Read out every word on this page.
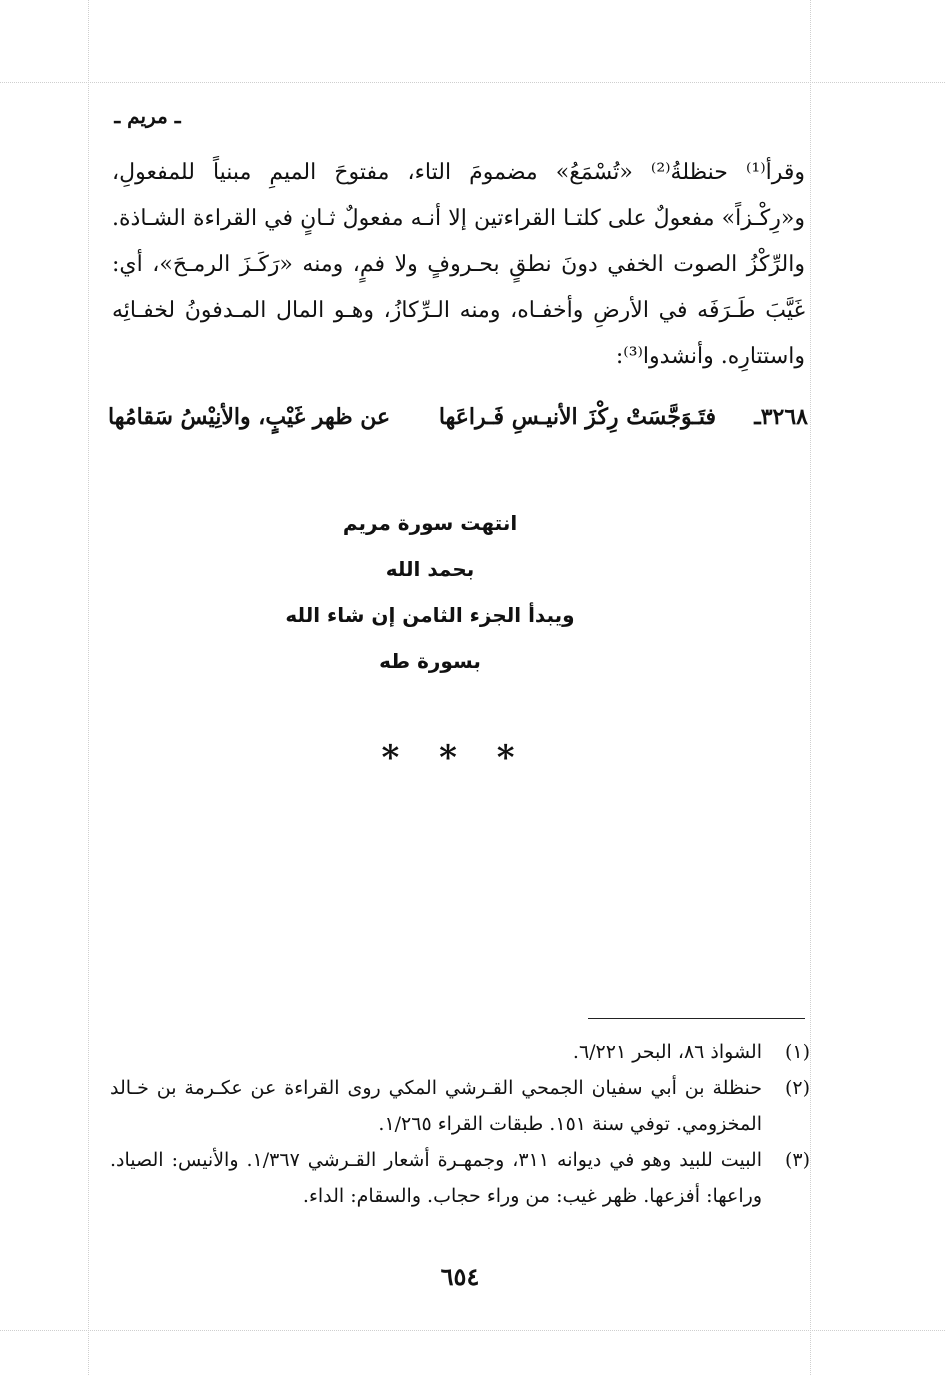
ـ مريم ـ

وقرأ⁽¹⁾ حنظلةُ⁽²⁾ «تُسْمَعُ» مضمومَ التاء، مفتوحَ الميمِ مبنياً للمفعولِ، و«رِكْـزاً» مفعولٌ على كلتـا القراءتين إلا أنـه مفعولٌ ثـانٍ في القراءة الشـاذة. والرِّكْزُ الصوت الخفي دونَ نطقٍ بحـروفٍ ولا فمٍ، ومنه «رَكَـزَ الرمـحَ»، أي: غَيَّبَ طَـرَفَه في الأرضِ وأخفـاه، ومنه الـرِّكازُ، وهـو المال المـدفونُ لخفـائِه واستتارِه. وأنشدوا⁽³⁾:

٣٢٦٨ـ
فتَـوَجَّسَتْ رِكْزَ الأنيـسِ فَـراعَها
عن ظهر غَيْبٍ، والأنِيْسُ سَقامُها
انتهت سورة مريم
بحمد الله
ويبدأ الجزء الثامن إن شاء الله
بسورة طه
* * *
(١)
الشواذ ٨٦، البحر ٦/٢٢١.
(٢)
حنظلة بن أبي سفيان الجمحي القـرشي المكي روى القراءة عن عكـرمة بن خـالد المخزومي. توفي سنة ١٥١. طبقات القراء ١/٢٦٥.
(٣)
البيت للبيد وهو في ديوانه ٣١١، وجمهـرة أشعار القـرشي ١/٣٦٧. والأنيس: الصياد. وراعها: أفزعها. ظهر غيب: من وراء حجاب. والسقام: الداء.
٦٥٤
